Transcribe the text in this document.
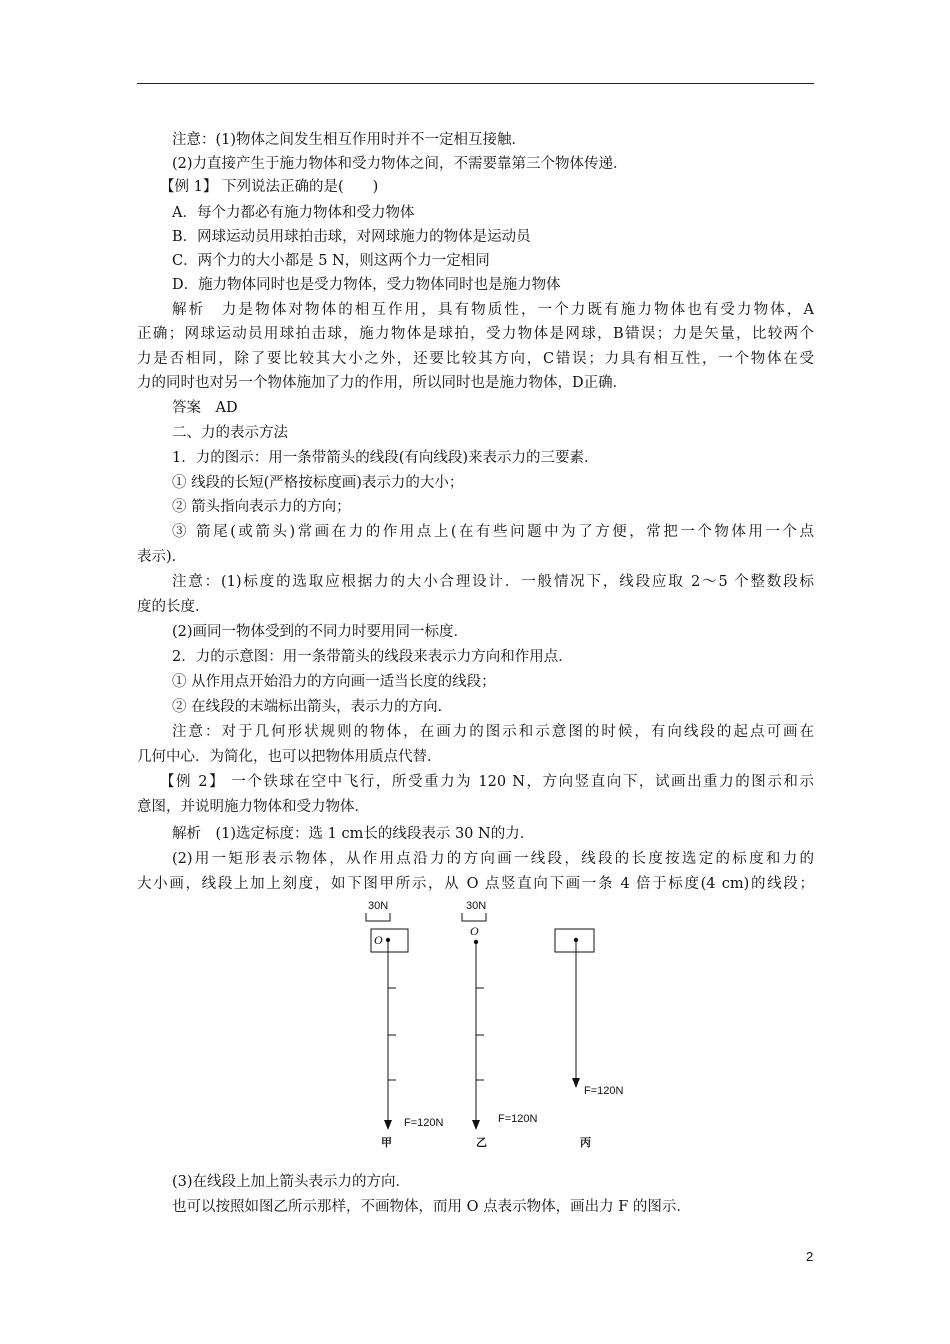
注意：(1)物体之间发生相互作用时并不一定相互接触．
(2)力直接产生于施力物体和受力物体之间，不需要靠第三个物体传递．
【例 1】 下列说法正确的是(　　)
A．每个力都必有施力物体和受力物体
B．网球运动员用球拍击球，对网球施力的物体是运动员
C．两个力的大小都是 5 N，则这两个力一定相同
D．施力物体同时也是受力物体，受力物体同时也是施力物体
解析　力是物体对物体的相互作用，具有物质性，一个力既有施力物体也有受力物体，A
正确；网球运动员用球拍击球，施力物体是球拍，受力物体是网球，B错误；力是矢量，比较两个
力是否相同，除了要比较其大小之外，还要比较其方向，C错误；力具有相互性，一个物体在受
力的同时也对另一个物体施加了力的作用，所以同时也是施力物体，D正确．
答案　AD
二、力的表示方法
1．力的图示：用一条带箭头的线段(有向线段)来表示力的三要素．
① 线段的长短(严格按标度画)表示力的大小；
② 箭头指向表示力的方向；
③ 箭尾(或箭头)常画在力的作用点上(在有些问题中为了方便，常把一个物体用一个点
表示)．
注意：(1)标度的选取应根据力的大小合理设计．一般情况下，线段应取 2～5 个整数段标
度的长度．
(2)画同一物体受到的不同力时要用同一标度．
2．力的示意图：用一条带箭头的线段来表示力方向和作用点．
① 从作用点开始沿力的方向画一适当长度的线段；
② 在线段的末端标出箭头，表示力的方向．
注意：对于几何形状规则的物体，在画力的图示和示意图的时候，有向线段的起点可画在
几何中心．为简化，也可以把物体用质点代替．
【例 2】 一个铁球在空中飞行，所受重力为 120 N，方向竖直向下，试画出重力的图示和示
意图，并说明施力物体和受力物体．
解析　(1)选定标度：选 1 cm长的线段表示 30 N的力．
(2)用一矩形表示物体，从作用点沿力的方向画一线段，线段的长度按选定的标度和力的
大小画，线段上加上刻度，如下图甲所示，从 O 点竖直向下画一条 4 倍于标度(4 cm)的线段；
30N	30N
O
O
F=120N	F=120N
F=120N
甲	乙	丙
(3)在线段上加上箭头表示力的方向．
也可以按照如图乙所示那样，不画物体，而用 O 点表示物体，画出力 F 的图示．
2
